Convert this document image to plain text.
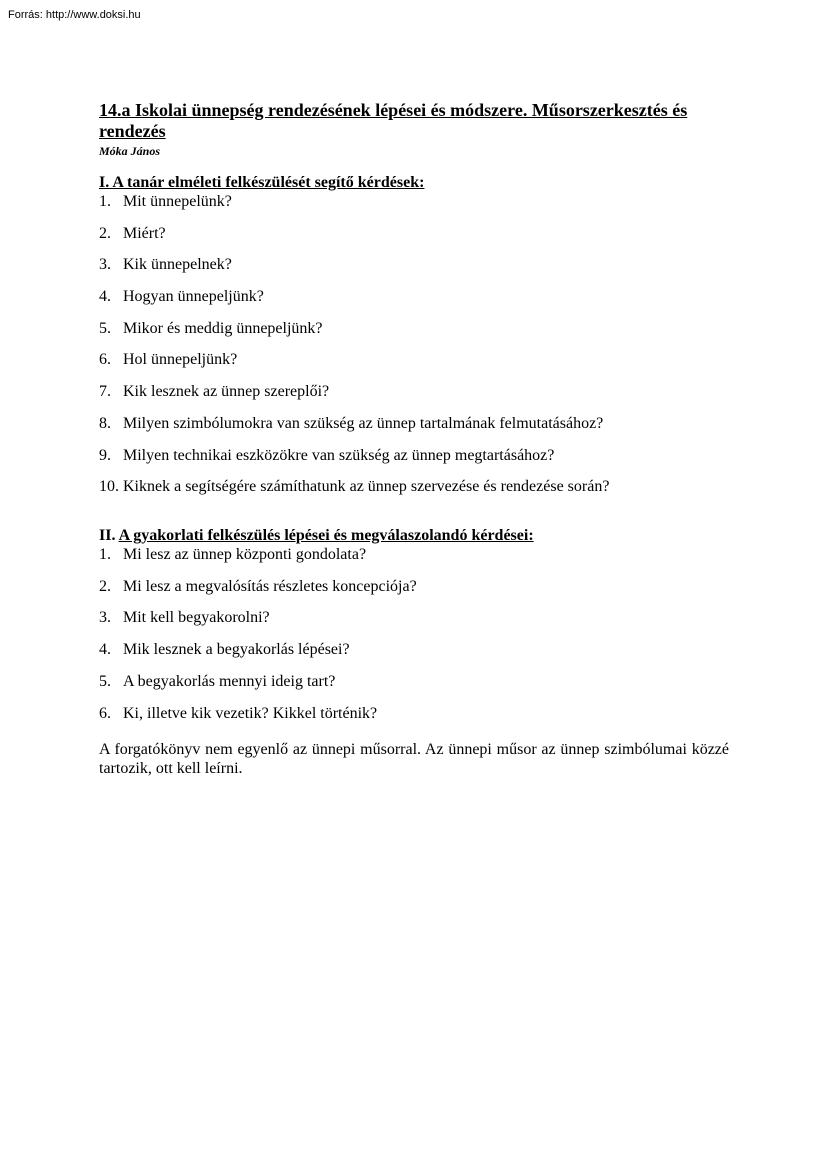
Forrás: http://www.doksi.hu
14.a Iskolai ünnepség rendezésének lépései és módszere. Műsorszerkesztés és rendezés
Móka János
I. A tanár elméleti felkészülését segítő kérdések:
1. Mit ünnepelünk?
2. Miért?
3. Kik ünnepelnek?
4. Hogyan ünnepeljünk?
5. Mikor és meddig ünnepeljünk?
6. Hol ünnepeljünk?
7. Kik lesznek az ünnep szereplői?
8. Milyen szimbólumokra van szükség az ünnep tartalmának felmutatásához?
9. Milyen technikai eszközökre van szükség az ünnep megtartásához?
10. Kiknek a segítségére számíthatunk az ünnep szervezése és rendezése során?
II. A gyakorlati felkészülés lépései és megválaszolandó kérdései:
1. Mi lesz az ünnep központi gondolata?
2. Mi lesz a megvalósítás részletes koncepciója?
3. Mit kell begyakorolni?
4. Mik lesznek a begyakorlás lépései?
5. A begyakorlás mennyi ideig tart?
6. Ki, illetve kik vezetik? Kikkel történik?

A forgatókönyv nem egyenlő az ünnepi műsorral. Az ünnepi műsor az ünnep szimbólumai közzé tartozik, ott kell leírni.
